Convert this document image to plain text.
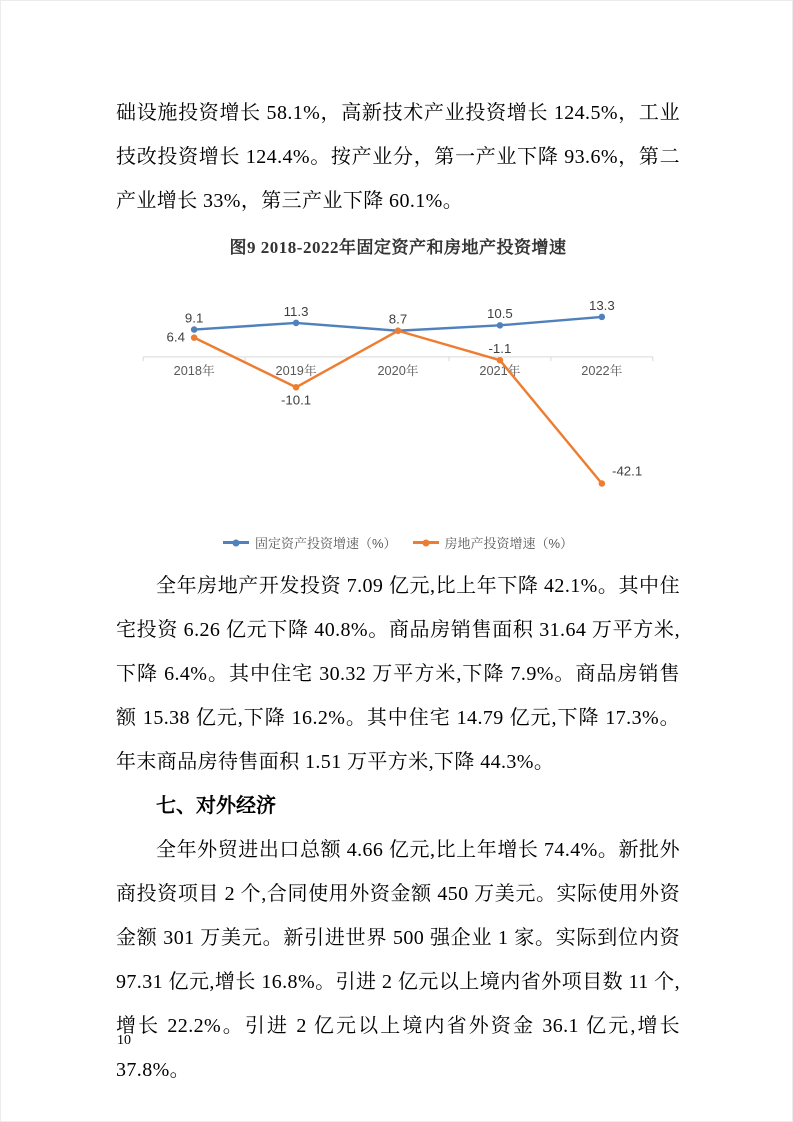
础设施投资增长 58.1%，高新技术产业投资增长 124.5%，工业技改投资增长 124.4%。按产业分，第一产业下降 93.6%，第二产业增长 33%，第三产业下降 60.1%。

图9 2018-2022年固定资产和房地产投资增速
2018年	2019年	2020年	2021年	2022年
9.1	11.3
8.7	10.5
13.3
6.4
-10.1
-1.1
-42.1
固定资产投资增速（%）	房地产投资增速（%）

全年房地产开发投资 7.09 亿元,比上年下降 42.1%。其中住宅投资 6.26 亿元下降 40.8%。商品房销售面积 31.64 万平方米,下降 6.4%。其中住宅 30.32 万平方米,下降 7.9%。商品房销售额 15.38 亿元,下降 16.2%。其中住宅 14.79 亿元,下降 17.3%。年末商品房待售面积 1.51 万平方米,下降 44.3%。

七、对外经济

全年外贸进出口总额 4.66 亿元,比上年增长 74.4%。新批外商投资项目 2 个,合同使用外资金额 450 万美元。实际使用外资金额 301 万美元。新引进世界 500 强企业 1 家。实际到位内资 97.31 亿元,增长 16.8%。引进 2 亿元以上境内省外项目数 11 个,增长 22.2%。引进 2 亿元以上境内省外资金 36.1 亿元,增长 37.8%。

10
